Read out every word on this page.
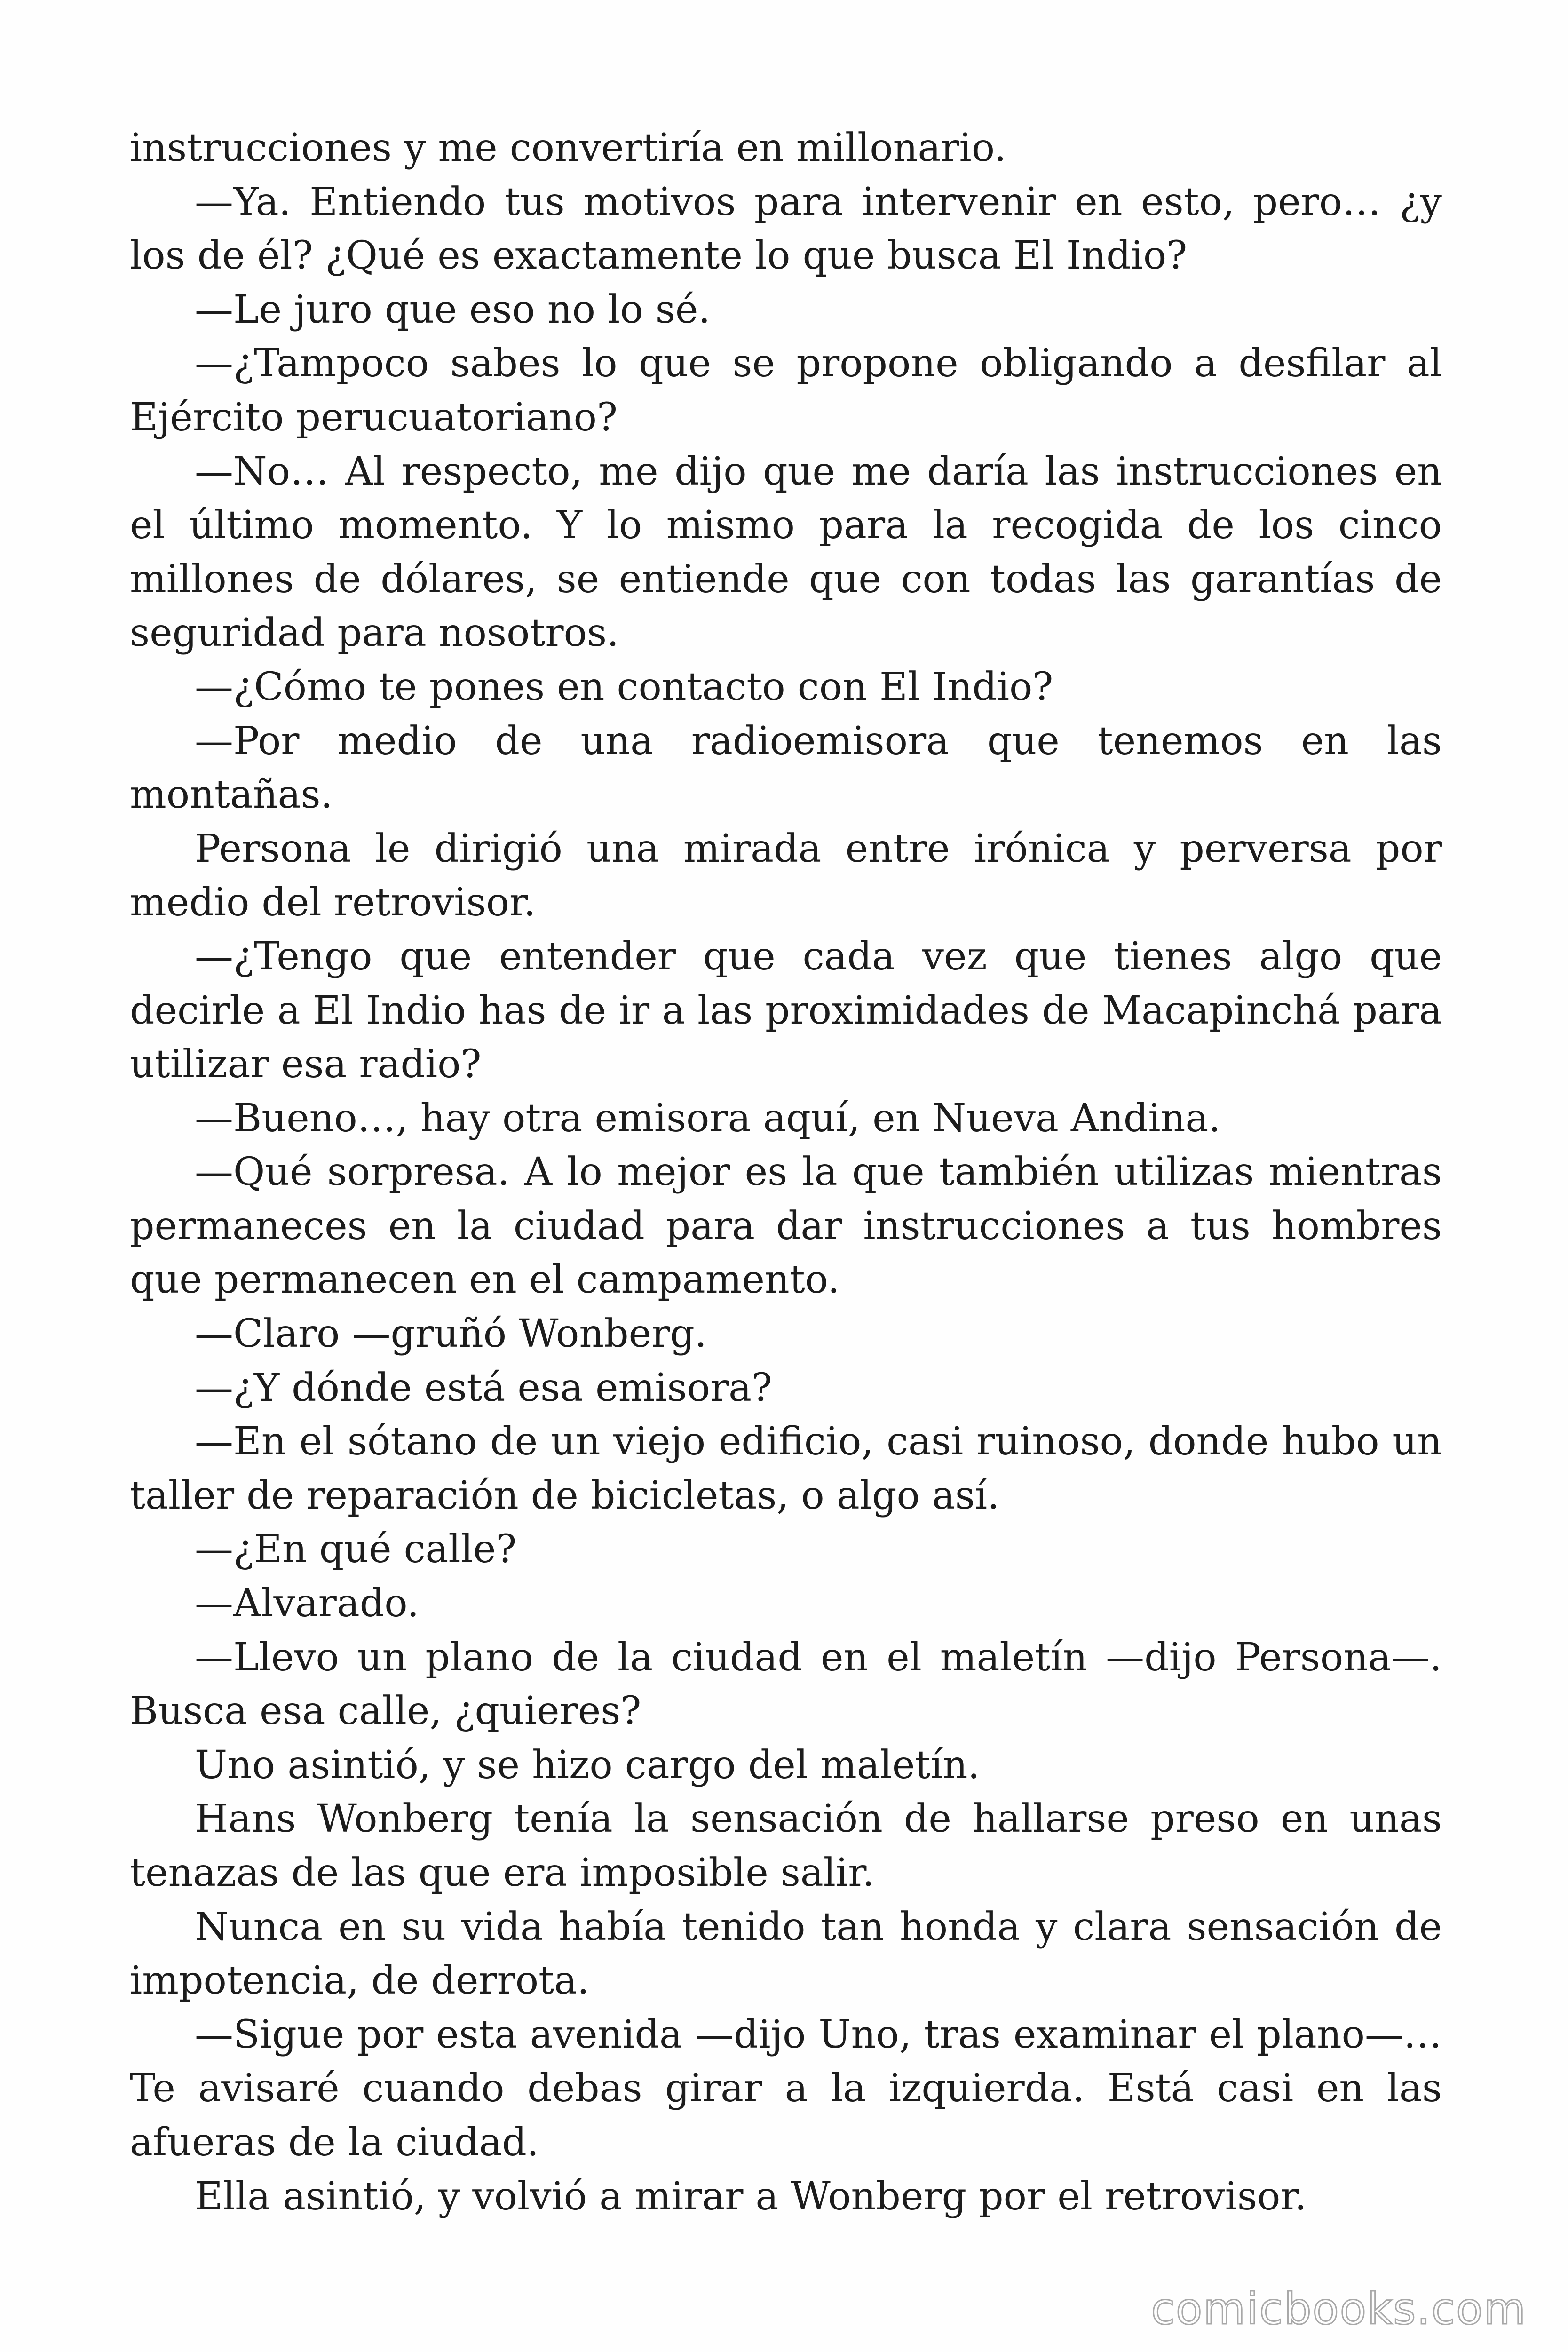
instrucciones y me convertiría en millonario.

—Ya. Entiendo tus motivos para intervenir en esto, pero… ¿y los de él? ¿Qué es exactamente lo que busca El Indio?

—Le juro que eso no lo sé.

—¿Tampoco sabes lo que se propone obligando a desfilar al Ejército perucuatoriano?

—No… Al respecto, me dijo que me daría las instrucciones en el último momento. Y lo mismo para la recogida de los cinco millones de dólares, se entiende que con todas las garantías de seguridad para nosotros.

—¿Cómo te pones en contacto con El Indio?

—Por medio de una radioemisora que tenemos en las montañas.

Persona le dirigió una mirada entre irónica y perversa por medio del retrovisor.

—¿Tengo que entender que cada vez que tienes algo que decirle a El Indio has de ir a las proximidades de Macapinchá para utilizar esa radio?

—Bueno…, hay otra emisora aquí, en Nueva Andina.

—Qué sorpresa. A lo mejor es la que también utilizas mientras permaneces en la ciudad para dar instrucciones a tus hombres que permanecen en el campamento.

—Claro —gruñó Wonberg.

—¿Y dónde está esa emisora?

—En el sótano de un viejo edificio, casi ruinoso, donde hubo un taller de reparación de bicicletas, o algo así.

—¿En qué calle?

—Alvarado.

—Llevo un plano de la ciudad en el maletín —dijo Persona—. Busca esa calle, ¿quieres?

Uno asintió, y se hizo cargo del maletín.

Hans Wonberg tenía la sensación de hallarse preso en unas tenazas de las que era imposible salir.

Nunca en su vida había tenido tan honda y clara sensación de impotencia, de derrota.

—Sigue por esta avenida —dijo Uno, tras examinar el plano—… Te avisaré cuando debas girar a la izquierda. Está casi en las afueras de la ciudad.

Ella asintió, y volvió a mirar a Wonberg por el retrovisor.

comicbooks.com
